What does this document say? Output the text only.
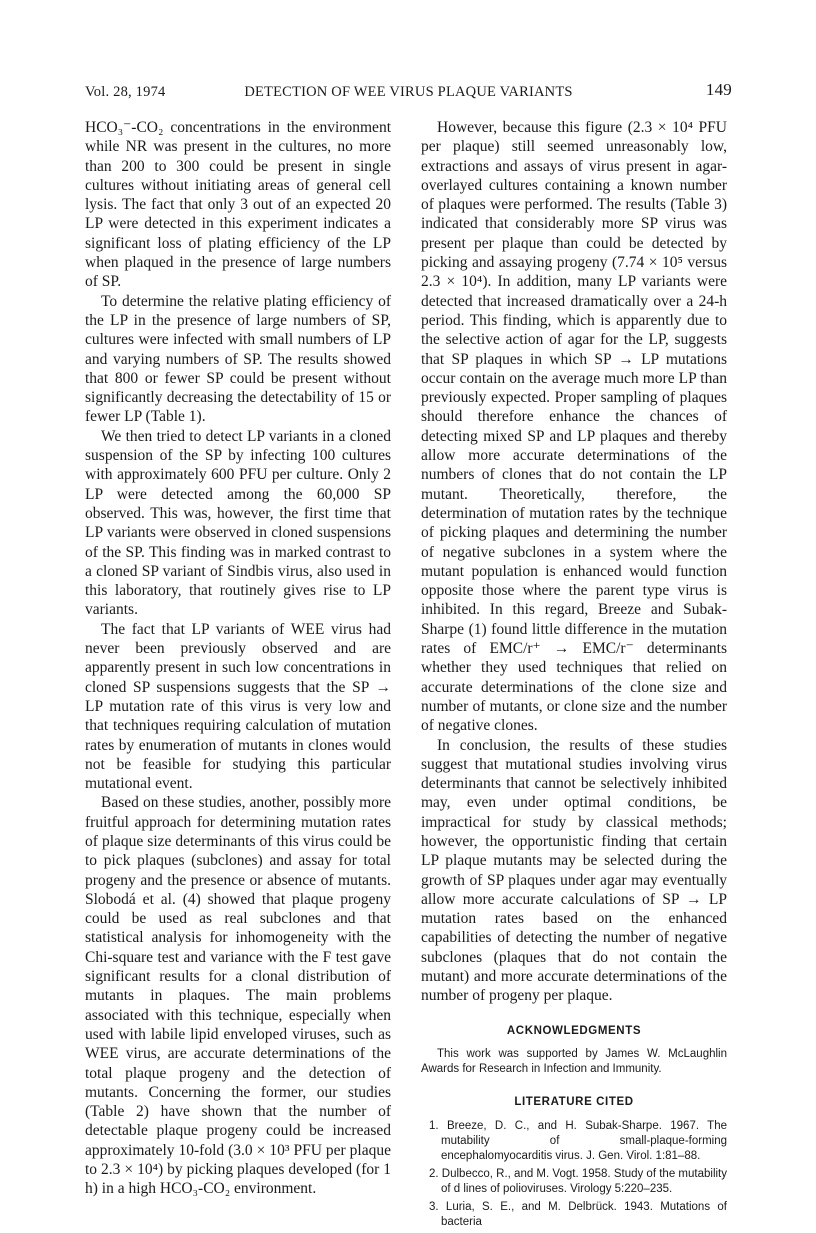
Vol. 28, 1974	DETECTION OF WEE VIRUS PLAQUE VARIANTS	149

HCO₃⁻-CO₂ concentrations in the environment while NR was present in the cultures, no more than 200 to 300 could be present in single cultures without initiating areas of general cell lysis. The fact that only 3 out of an expected 20 LP were detected in this experiment indicates a significant loss of plating efficiency of the LP when plaqued in the presence of large numbers of SP.

To determine the relative plating efficiency of the LP in the presence of large numbers of SP, cultures were infected with small numbers of LP and varying numbers of SP. The results showed that 800 or fewer SP could be present without significantly decreasing the detectability of 15 or fewer LP (Table 1).

We then tried to detect LP variants in a cloned suspension of the SP by infecting 100 cultures with approximately 600 PFU per culture. Only 2 LP were detected among the 60,000 SP observed. This was, however, the first time that LP variants were observed in cloned suspensions of the SP. This finding was in marked contrast to a cloned SP variant of Sindbis virus, also used in this laboratory, that routinely gives rise to LP variants.

The fact that LP variants of WEE virus had never been previously observed and are apparently present in such low concentrations in cloned SP suspensions suggests that the SP → LP mutation rate of this virus is very low and that techniques requiring calculation of mutation rates by enumeration of mutants in clones would not be feasible for studying this particular mutational event.

Based on these studies, another, possibly more fruitful approach for determining mutation rates of plaque size determinants of this virus could be to pick plaques (subclones) and assay for total progeny and the presence or absence of mutants. Slobodá et al. (4) showed that plaque progeny could be used as real subclones and that statistical analysis for inhomogeneity with the Chi-square test and variance with the F test gave significant results for a clonal distribution of mutants in plaques. The main problems associated with this technique, especially when used with labile lipid enveloped viruses, such as WEE virus, are accurate determinations of the total plaque progeny and the detection of mutants. Concerning the former, our studies (Table 2) have shown that the number of detectable plaque progeny could be increased approximately 10-fold (3.0 × 10³ PFU per plaque to 2.3 × 10⁴) by picking plaques developed (for 1 h) in a high HCO₃-CO₂ environment.

However, because this figure (2.3 × 10⁴ PFU per plaque) still seemed unreasonably low, extractions and assays of virus present in agar-overlayed cultures containing a known number of plaques were performed. The results (Table 3) indicated that considerably more SP virus was present per plaque than could be detected by picking and assaying progeny (7.74 × 10⁵ versus 2.3 × 10⁴). In addition, many LP variants were detected that increased dramatically over a 24-h period. This finding, which is apparently due to the selective action of agar for the LP, suggests that SP plaques in which SP → LP mutations occur contain on the average much more LP than previously expected. Proper sampling of plaques should therefore enhance the chances of detecting mixed SP and LP plaques and thereby allow more accurate determinations of the numbers of clones that do not contain the LP mutant. Theoretically, therefore, the determination of mutation rates by the technique of picking plaques and determining the number of negative subclones in a system where the mutant population is enhanced would function opposite those where the parent type virus is inhibited. In this regard, Breeze and Subak-Sharpe (1) found little difference in the mutation rates of EMC/r⁺ → EMC/r⁻ determinants whether they used techniques that relied on accurate determinations of the clone size and number of mutants, or clone size and the number of negative clones.

In conclusion, the results of these studies suggest that mutational studies involving virus determinants that cannot be selectively inhibited may, even under optimal conditions, be impractical for study by classical methods; however, the opportunistic finding that certain LP plaque mutants may be selected during the growth of SP plaques under agar may eventually allow more accurate calculations of SP → LP mutation rates based on the enhanced capabilities of detecting the number of negative subclones (plaques that do not contain the mutant) and more accurate determinations of the number of progeny per plaque.

ACKNOWLEDGMENTS

This work was supported by James W. McLaughlin Awards for Research in Infection and Immunity.

LITERATURE CITED
1. Breeze, D. C., and H. Subak-Sharpe. 1967. The mutability of small-plaque-forming encephalomyocarditis virus. J. Gen. Virol. 1:81–88.
2. Dulbecco, R., and M. Vogt. 1958. Study of the mutability of d lines of polioviruses. Virology 5:220–235.
3. Luria, S. E., and M. Delbrück. 1943. Mutations of bacteria
